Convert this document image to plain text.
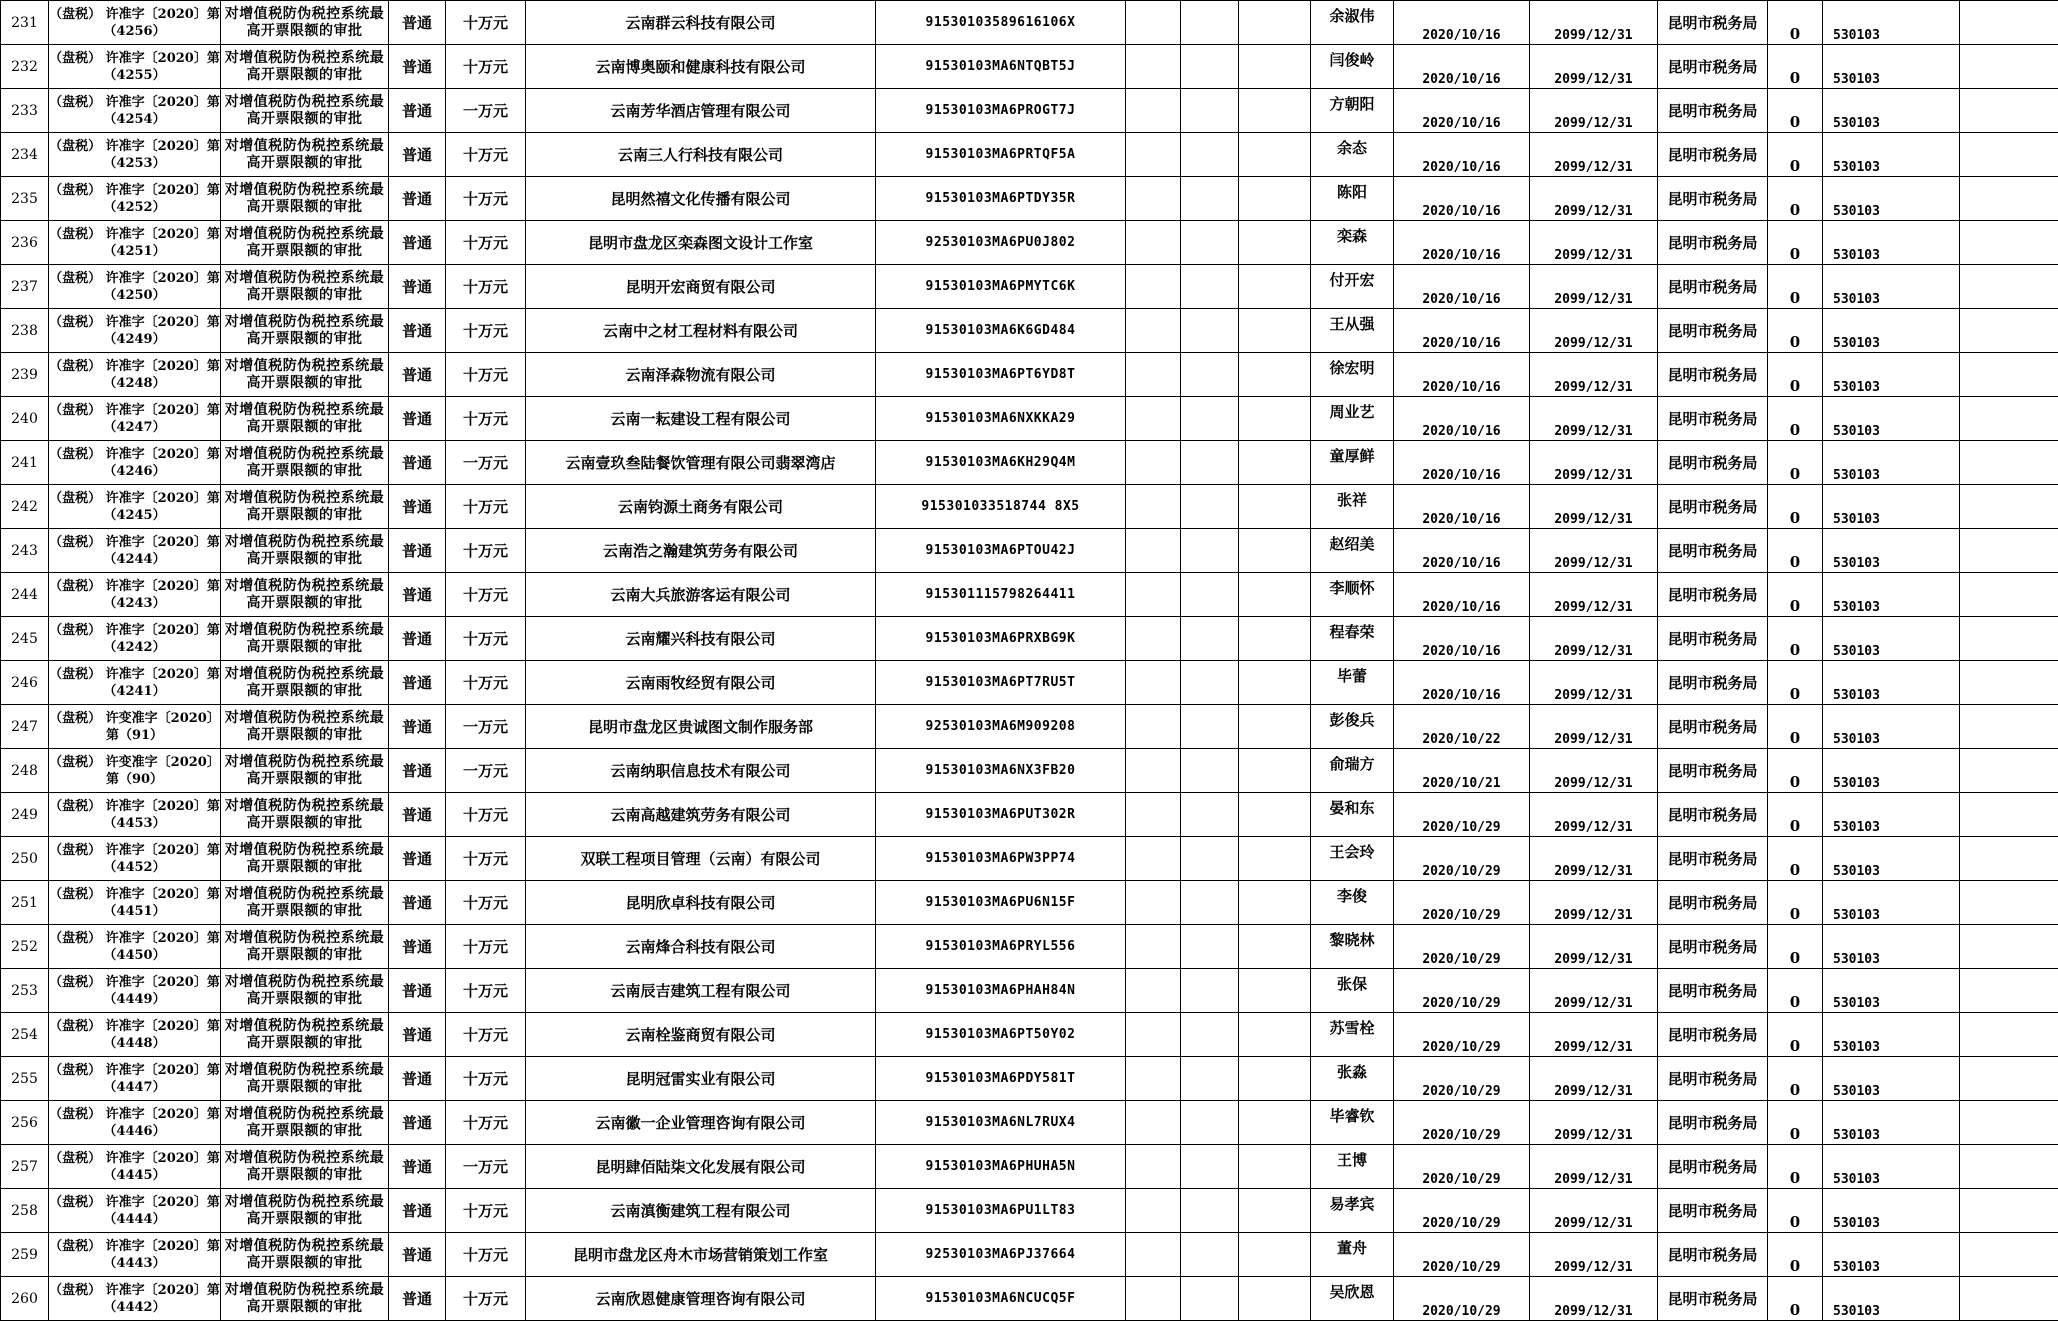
231	（盘税） 许准字〔2020〕第（4256）	对增值税防伪税控系统最高开票限额的审批	普通	十万元	云南群云科技有限公司	91530103589616106X				余淑伟	2020/10/16	2099/12/31	昆明市税务局	0	530103	
232	（盘税） 许准字〔2020〕第（4255）	对增值税防伪税控系统最高开票限额的审批	普通	十万元	云南博奥颐和健康科技有限公司	91530103MA6NTQBT5J				闫俊岭	2020/10/16	2099/12/31	昆明市税务局	0	530103	
233	（盘税） 许准字〔2020〕第（4254）	对增值税防伪税控系统最高开票限额的审批	普通	一万元	云南芳华酒店管理有限公司	91530103MA6PROGT7J				方朝阳	2020/10/16	2099/12/31	昆明市税务局	0	530103	
234	（盘税） 许准字〔2020〕第（4253）	对增值税防伪税控系统最高开票限额的审批	普通	十万元	云南三人行科技有限公司	91530103MA6PRTQF5A				余态	2020/10/16	2099/12/31	昆明市税务局	0	530103	
235	（盘税） 许准字〔2020〕第（4252）	对增值税防伪税控系统最高开票限额的审批	普通	十万元	昆明然禧文化传播有限公司	91530103MA6PTDY35R				陈阳	2020/10/16	2099/12/31	昆明市税务局	0	530103	
236	（盘税） 许准字〔2020〕第（4251）	对增值税防伪税控系统最高开票限额的审批	普通	十万元	昆明市盘龙区栾森图文设计工作室	92530103MA6PU0J802				栾森	2020/10/16	2099/12/31	昆明市税务局	0	530103	
237	（盘税） 许准字〔2020〕第（4250）	对增值税防伪税控系统最高开票限额的审批	普通	十万元	昆明开宏商贸有限公司	91530103MA6PMYTC6K				付开宏	2020/10/16	2099/12/31	昆明市税务局	0	530103	
238	（盘税） 许准字〔2020〕第（4249）	对增值税防伪税控系统最高开票限额的审批	普通	十万元	云南中之材工程材料有限公司	91530103MA6K6GD484				王从强	2020/10/16	2099/12/31	昆明市税务局	0	530103	
239	（盘税） 许准字〔2020〕第（4248）	对增值税防伪税控系统最高开票限额的审批	普通	十万元	云南泽森物流有限公司	91530103MA6PT6YD8T				徐宏明	2020/10/16	2099/12/31	昆明市税务局	0	530103	
240	（盘税） 许准字〔2020〕第（4247）	对增值税防伪税控系统最高开票限额的审批	普通	十万元	云南一耘建设工程有限公司	91530103MA6NXKKA29				周业艺	2020/10/16	2099/12/31	昆明市税务局	0	530103	
241	（盘税） 许准字〔2020〕第（4246）	对增值税防伪税控系统最高开票限额的审批	普通	一万元	云南壹玖叁陆餐饮管理有限公司翡翠湾店	91530103MA6KH29Q4M				童厚鲜	2020/10/16	2099/12/31	昆明市税务局	0	530103	
242	（盘税） 许准字〔2020〕第（4245）	对增值税防伪税控系统最高开票限额的审批	普通	十万元	云南钧源土商务有限公司	915301033518744 8X5				张祥	2020/10/16	2099/12/31	昆明市税务局	0	530103	
243	（盘税） 许准字〔2020〕第（4244）	对增值税防伪税控系统最高开票限额的审批	普通	十万元	云南浩之瀚建筑劳务有限公司	91530103MA6PTOU42J				赵绍美	2020/10/16	2099/12/31	昆明市税务局	0	530103	
244	（盘税） 许准字〔2020〕第（4243）	对增值税防伪税控系统最高开票限额的审批	普通	十万元	云南大兵旅游客运有限公司	915301115798264411				李顺怀	2020/10/16	2099/12/31	昆明市税务局	0	530103	
245	（盘税） 许准字〔2020〕第（4242）	对增值税防伪税控系统最高开票限额的审批	普通	十万元	云南耀兴科技有限公司	91530103MA6PRXBG9K				程春荣	2020/10/16	2099/12/31	昆明市税务局	0	530103	
246	（盘税） 许准字〔2020〕第（4241）	对增值税防伪税控系统最高开票限额的审批	普通	十万元	云南雨牧经贸有限公司	91530103MA6PT7RU5T				毕蕾	2020/10/16	2099/12/31	昆明市税务局	0	530103	
247	（盘税） 许变准字〔2020〕第（91）	对增值税防伪税控系统最高开票限额的审批	普通	一万元	昆明市盘龙区贵诚图文制作服务部	92530103MA6M909208				彭俊兵	2020/10/22	2099/12/31	昆明市税务局	0	530103	
248	（盘税） 许变准字〔2020〕第（90）	对增值税防伪税控系统最高开票限额的审批	普通	一万元	云南纳职信息技术有限公司	91530103MA6NX3FB20				俞瑞方	2020/10/21	2099/12/31	昆明市税务局	0	530103	
249	（盘税） 许准字〔2020〕第（4453）	对增值税防伪税控系统最高开票限额的审批	普通	十万元	云南高越建筑劳务有限公司	91530103MA6PUT302R				晏和东	2020/10/29	2099/12/31	昆明市税务局	0	530103	
250	（盘税） 许准字〔2020〕第（4452）	对增值税防伪税控系统最高开票限额的审批	普通	十万元	双联工程项目管理（云南）有限公司	91530103MA6PW3PP74				王会玲	2020/10/29	2099/12/31	昆明市税务局	0	530103	
251	（盘税） 许准字〔2020〕第（4451）	对增值税防伪税控系统最高开票限额的审批	普通	十万元	昆明欣卓科技有限公司	91530103MA6PU6N15F				李俊	2020/10/29	2099/12/31	昆明市税务局	0	530103	
252	（盘税） 许准字〔2020〕第（4450）	对增值税防伪税控系统最高开票限额的审批	普通	十万元	云南烽合科技有限公司	91530103MA6PRYL556				黎晓林	2020/10/29	2099/12/31	昆明市税务局	0	530103	
253	（盘税） 许准字〔2020〕第（4449）	对增值税防伪税控系统最高开票限额的审批	普通	十万元	云南辰吉建筑工程有限公司	91530103MA6PHAH84N				张保	2020/10/29	2099/12/31	昆明市税务局	0	530103	
254	（盘税） 许准字〔2020〕第（4448）	对增值税防伪税控系统最高开票限额的审批	普通	十万元	云南栓鉴商贸有限公司	91530103MA6PT50Y02				苏雪栓	2020/10/29	2099/12/31	昆明市税务局	0	530103	
255	（盘税） 许准字〔2020〕第（4447）	对增值税防伪税控系统最高开票限额的审批	普通	十万元	昆明冠雷实业有限公司	91530103MA6PDY581T				张淼	2020/10/29	2099/12/31	昆明市税务局	0	530103	
256	（盘税） 许准字〔2020〕第（4446）	对增值税防伪税控系统最高开票限额的审批	普通	十万元	云南徽一企业管理咨询有限公司	91530103MA6NL7RUX4				毕睿钦	2020/10/29	2099/12/31	昆明市税务局	0	530103	
257	（盘税） 许准字〔2020〕第（4445）	对增值税防伪税控系统最高开票限额的审批	普通	一万元	昆明肆佰陆柒文化发展有限公司	91530103MA6PHUHA5N				王博	2020/10/29	2099/12/31	昆明市税务局	0	530103	
258	（盘税） 许准字〔2020〕第（4444）	对增值税防伪税控系统最高开票限额的审批	普通	十万元	云南滇衡建筑工程有限公司	91530103MA6PU1LT83				易孝宾	2020/10/29	2099/12/31	昆明市税务局	0	530103	
259	（盘税） 许准字〔2020〕第（4443）	对增值税防伪税控系统最高开票限额的审批	普通	十万元	昆明市盘龙区舟木市场营销策划工作室	92530103MA6PJ37664				董舟	2020/10/29	2099/12/31	昆明市税务局	0	530103	
260	（盘税） 许准字〔2020〕第（4442）	对增值税防伪税控系统最高开票限额的审批	普通	十万元	云南欣恩健康管理咨询有限公司	91530103MA6NCUCQ5F				吴欣恩	2020/10/29	2099/12/31	昆明市税务局	0	530103	
